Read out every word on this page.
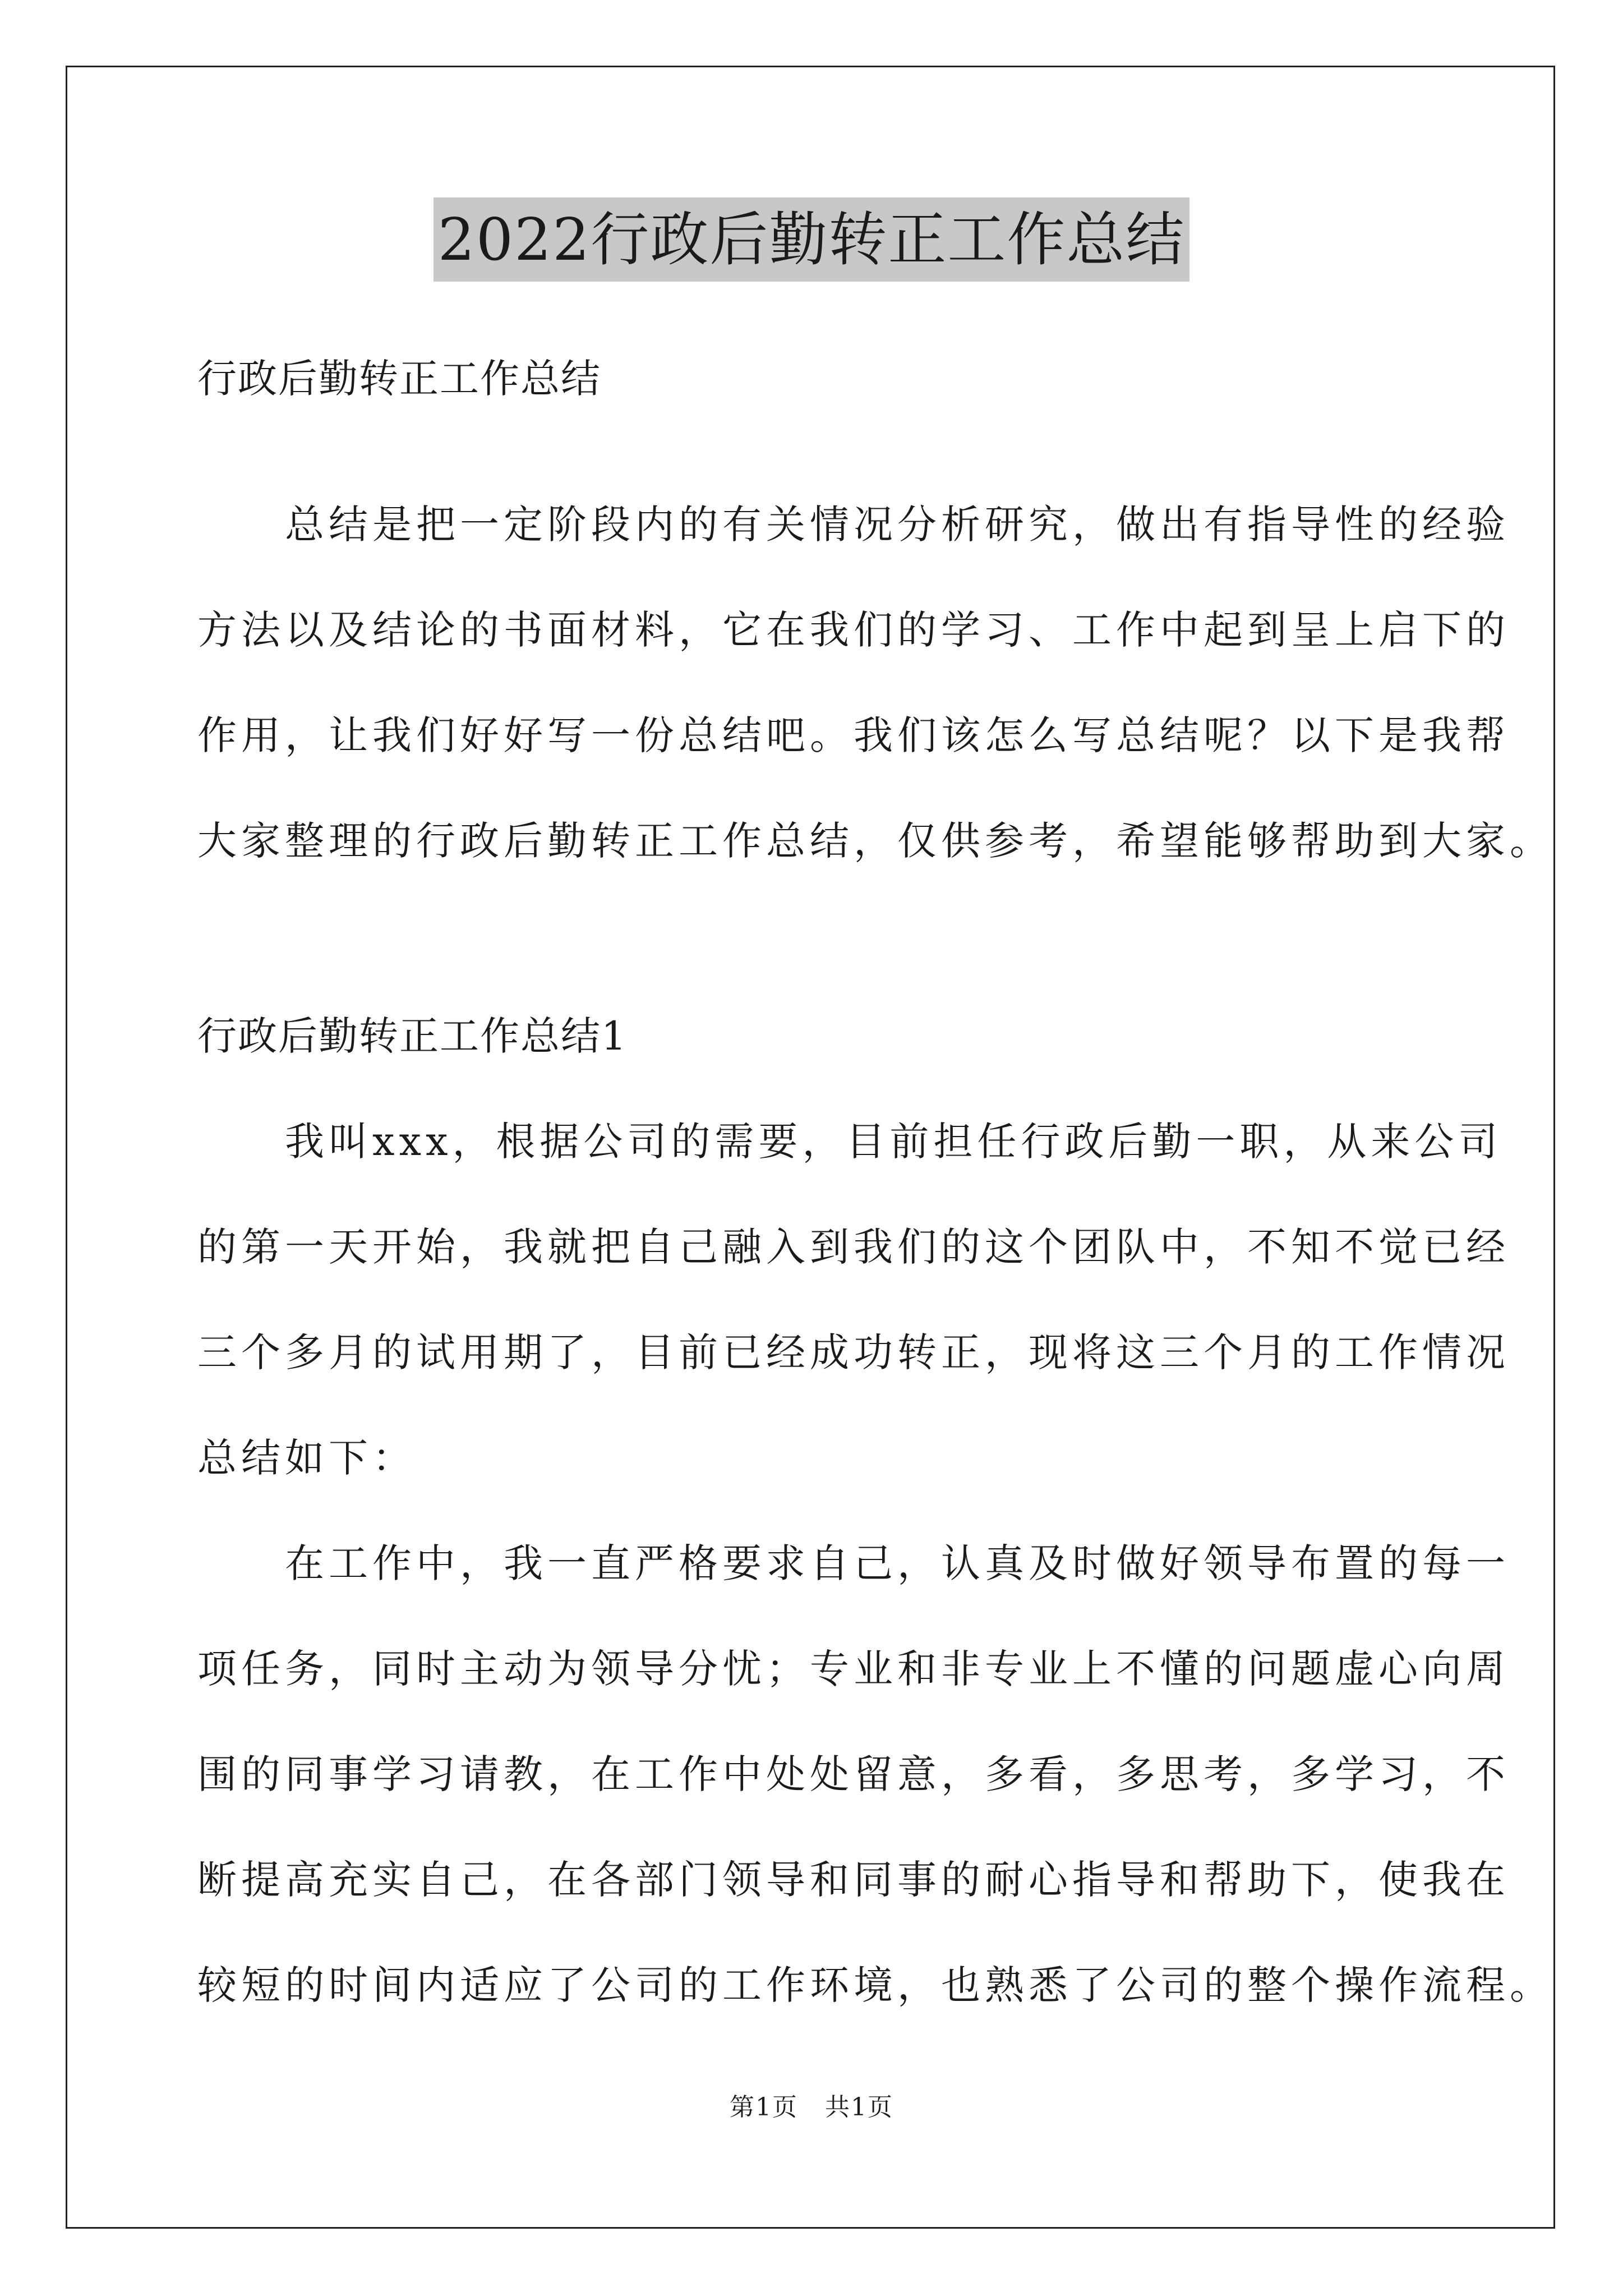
2022行政后勤转正工作总结
行政后勤转正工作总结
　　总结是把一定阶段内的有关情况分析研究，做出有指导性的经验
方法以及结论的书面材料，它在我们的学习、工作中起到呈上启下的
作用，让我们好好写一份总结吧。我们该怎么写总结呢？以下是我帮
大家整理的行政后勤转正工作总结，仅供参考，希望能够帮助到大家。
行政后勤转正工作总结1
　　我叫xxx，根据公司的需要，目前担任行政后勤一职，从来公司
的第一天开始，我就把自己融入到我们的这个团队中，不知不觉已经
三个多月的试用期了，目前已经成功转正，现将这三个月的工作情况
总结如下：
　　在工作中，我一直严格要求自己，认真及时做好领导布置的每一
项任务，同时主动为领导分忧；专业和非专业上不懂的问题虚心向周
围的同事学习请教，在工作中处处留意，多看，多思考，多学习，不
断提高充实自己，在各部门领导和同事的耐心指导和帮助下，使我在
较短的时间内适应了公司的工作环境，也熟悉了公司的整个操作流程。
第1页 共1页
